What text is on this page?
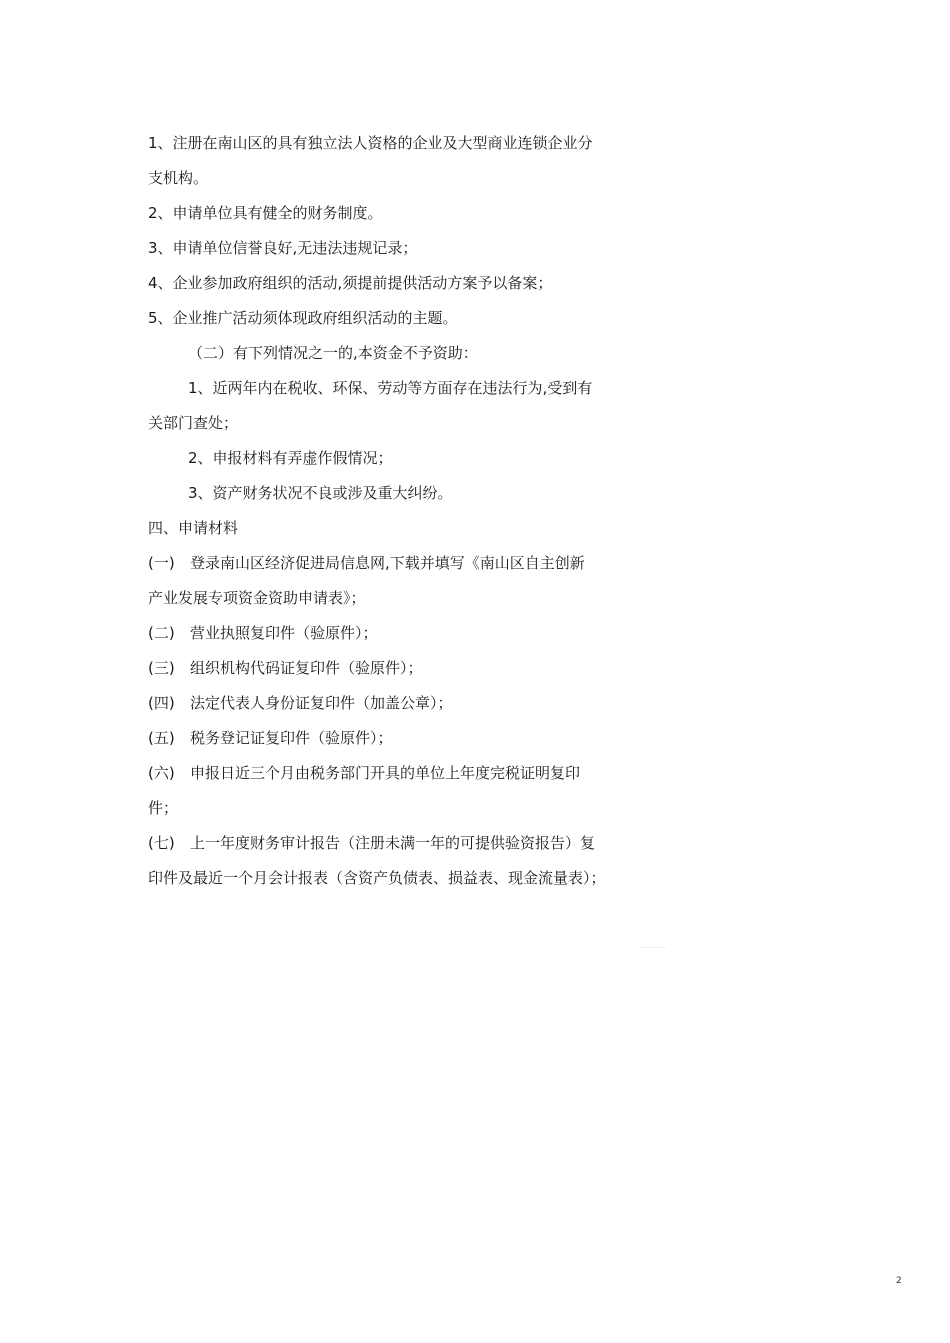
1、注册在南山区的具有独立法人资格的企业及大型商业连锁企业分
支机构。
2、申请单位具有健全的财务制度。
3、申请单位信誉良好,无违法违规记录；
4、企业参加政府组织的活动,须提前提供活动方案予以备案；
5、企业推广活动须体现政府组织活动的主题。
（二）有下列情况之一的,本资金不予资助：
1、近两年内在税收、环保、劳动等方面存在违法行为,受到有
关部门查处；
2、申报材料有弄虚作假情况；
3、资产财务状况不良或涉及重大纠纷。
四、申请材料
(一) 登录南山区经济促进局信息网,下载并填写《南山区自主创新
产业发展专项资金资助申请表》；
(二) 营业执照复印件（验原件）；
(三) 组织机构代码证复印件（验原件）；
(四) 法定代表人身份证复印件（加盖公章）；
(五) 税务登记证复印件（验原件）；
(六) 申报日近三个月由税务部门开具的单位上年度完税证明复印
件；
(七) 上一年度财务审计报告（注册未满一年的可提供验资报告）复
印件及最近一个月会计报表（含资产负债表、损益表、现金流量表）；
…………
2
